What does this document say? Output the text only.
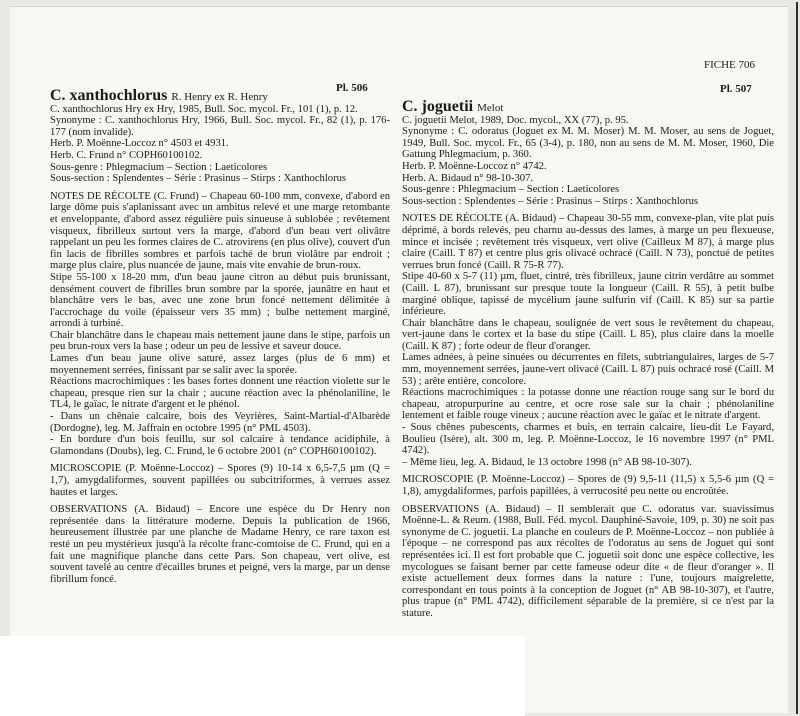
FICHE 706
Pl. 506

C. xanthochlorus R. Henry ex R. Henry

C. xanthochlorus Hry ex Hry, 1985, Bull. Soc. mycol. Fr., 101 (1), p. 12.

Synonyme : C. xanthochlorus Hry, 1966, Bull. Soc. mycol. Fr., 82 (1), p. 176-177 (nom invalide).

Herb. P. Moënne-Loccoz n° 4503 et 4931.

Herb. C. Frund n° COPH60100102.

Sous-genre : Phlegmacium – Section : Laeticolores

Sous-section : Splendentes – Série : Prasinus – Stirps : Xanthochlorus

NOTES DE RÉCOLTE (C. Frund) – Chapeau 60-100 mm, convexe, d'abord en large dôme puis s'aplanissant avec un ambitus relevé et une marge retombante et enveloppante, d'abord assez régulière puis sinueuse à sublobée ; revêtement visqueux, fibrilleux surtout vers la marge, d'abord d'un beau vert olivâtre rappelant un peu les formes claires de C. atrovirens (en plus olive), couvert d'un fin lacis de fibrilles sombres et parfois taché de brun violâtre par endroit ; marge plus claire, plus nuancée de jaune, mais vite envahie de brun-roux.

Stipe 55-100 x 18-20 mm, d'un beau jaune citron au début puis brunissant, densément couvert de fibrilles brun sombre par la sporée, jaunâtre en haut et blanchâtre vers le bas, avec une zone brun foncé nettement délimitée à l'accrochage du voile (épaisseur vers 35 mm) ; bulbe nettement marginé, arrondi à turbiné.

Chair blanchâtre dans le chapeau mais nettement jaune dans le stipe, parfois un peu brun-roux vers la base ; odeur un peu de lessive et saveur douce.

Lames d'un beau jaune olive saturé, assez larges (plus de 6 mm) et moyennement serrées, finissant par se salir avec la sporée.

Réactions macrochimiques : les bases fortes donnent une réaction violette sur le chapeau, presque rien sur la chair ; aucune réaction avec la phénolaniline, le TL4, le gaïac, le nitrate d'argent et le phénol.

- Dans un chênaie calcaire, bois des Veyrières, Saint-Martial-d'Albarède (Dordogne), leg. M. Jaffrain en octobre 1995 (n° PML 4503).

- En bordure d'un bois feuillu, sur sol calcaire à tendance acidiphile, à Glamondans (Doubs), leg. C. Frund, le 6 octobre 2001 (n° COPH60100102).

MICROSCOPIE (P. Moënne-Loccoz) – Spores (9) 10-14 x 6,5-7,5 µm (Q = 1,7), amygdaliformes, souvent papillées ou subcitriformes, à verrues assez hautes et larges.

OBSERVATIONS (A. Bidaud) – Encore une espèce du Dr Henry non représentée dans la littérature moderne. Depuis la publication de 1966, heureusement illustrée par une planche de Madame Henry, ce rare taxon est resté un peu mystérieux jusqu'à la récolte franc-comtoise de C. Frund, qui en a fait une magnifique planche dans cette Pars. Son chapeau, vert olive, est souvent tavelé au centre d'écailles brunes et peigné, vers la marge, par un dense fibrillum foncé.

Pl. 507

C. joguetii Melot

C. joguetii Melot, 1989, Doc. mycol., XX (77), p. 95.

Synonyme : C. odoratus (Joguet ex M. M. Moser) M. M. Moser, au sens de Joguet, 1949, Bull. Soc. mycol. Fr., 65 (3-4), p. 180, non au sens de M. M. Moser, 1960, Die Gattung Phlegmacium, p. 360.

Herb. P. Moënne-Loccoz n° 4742.

Herb. A. Bidaud n° 98-10-307.

Sous-genre : Phlegmacium – Section : Laeticolores

Sous-section : Splendentes – Série : Prasinus – Stirps : Xanthochlorus

NOTES DE RÉCOLTE (A. Bidaud) – Chapeau 30-55 mm, convexe-plan, vite plat puis déprimé, à bords relevés, peu charnu au-dessus des lames, à marge un peu flexueuse, mince et incisée ; revêtement très visqueux, vert olive (Cailleux M 87), à marge plus claire (Caill. T 87) et centre plus gris olivacé ochracé (Caill. N 73), ponctué de petites verrues brun foncé (Caill. R 75-R 77).

Stipe 40-60 x 5-7 (11) µm, fluet, cintré, très fibrilleux, jaune citrin verdâtre au sommet (Caill. L 87), brunissant sur presque toute la longueur (Caill. R 55), à petit bulbe marginé oblique, tapissé de mycélium jaune sulfurin vif (Caill. K 85) sur sa partie inférieure.

Chair blanchâtre dans le chapeau, soulignée de vert sous le revêtement du chapeau, vert-jaune dans le cortex et la base du stipe (Caill. L 85), plus claire dans la moelle (Caill. K 87) ; forte odeur de fleur d'oranger.

Lames adnées, à peine sinuées ou décurrentes en filets, subtriangulaires, larges de 5-7 mm, moyennement serrées, jaune-vert olivacé (Caill. L 87) puis ochracé rosé (Caill. M 53) ; arête entière, concolore.

Réactions macrochimiques : la potasse donne une réaction rouge sang sur le bord du chapeau, atropurpurine au centre, et ocre rose sale sur la chair ; phénolaniline lentement et faible rouge vineux ; aucune réaction avec le gaïac et le nitrate d'argent.

- Sous chênes pubescents, charmes et buis, en terrain calcaire, lieu-dit Le Fayard, Boulieu (Isère), alt. 300 m, leg. P. Moënne-Loccoz, le 16 novembre 1997 (n° PML 4742).

– Même lieu, leg. A. Bidaud, le 13 octobre 1998 (n° AB 98-10-307).

MICROSCOPIE (P. Moënne-Loccoz) – Spores de (9) 9,5-11 (11,5) x 5,5-6 µm (Q = 1,8), amygdaliformes, parfois papillées, à verrucosité peu nette ou encroûtée.

OBSERVATIONS (A. Bidaud) – Il semblerait que C. odoratus var. suavissimus Moënne-L. & Reum. (1988, Bull. Féd. mycol. Dauphiné-Savoie, 109, p. 30) ne soit pas synonyme de C. joguetii. La planche en couleurs de P. Moënne-Loccoz – non publiée à l'époque – ne correspond pas aux récoltes de l'odoratus au sens de Joguet qui sont représentées ici. Il est fort probable que C. joguetii soit donc une espèce collective, les mycologues se faisant berner par cette fameuse odeur dite « de fleur d'oranger ». Il existe actuellement deux formes dans la nature : l'une, toujours maigrelette, correspondant en tous points à la conception de Joguet (n° AB 98-10-307), et l'autre, plus trapue (n° PML 4742), difficilement séparable de la première, si ce n'est par la stature.
